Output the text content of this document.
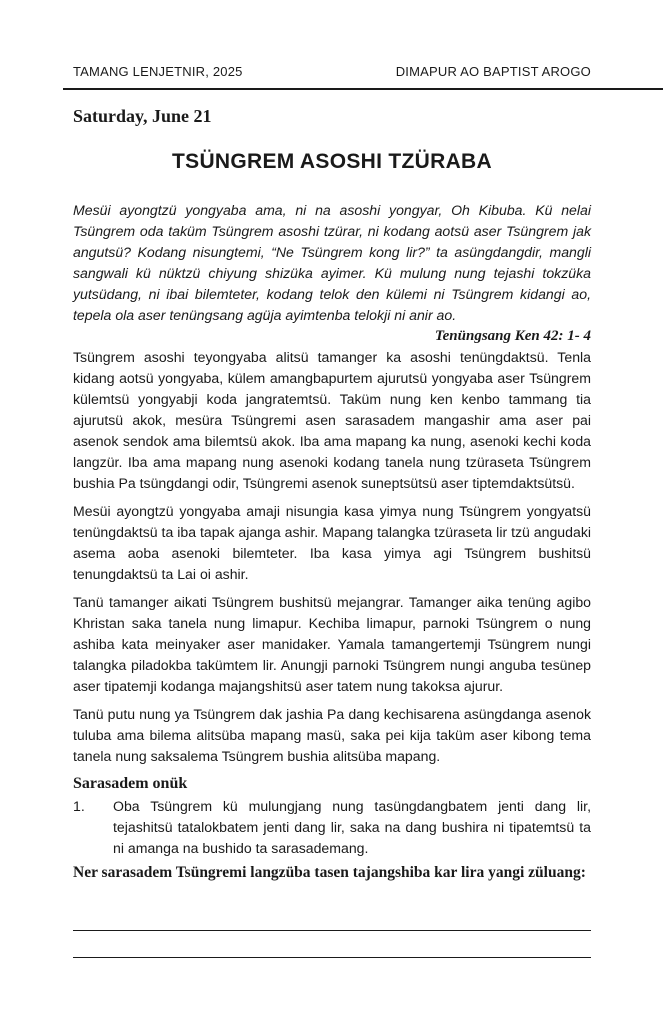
TAMANG LENJETNIR, 2025	DIMAPUR AO BAPTIST AROGO
Saturday, June 21
TSÜNGREM ASOSHI TZÜRABA

Mesüi ayongtzü yongyaba ama, ni na asoshi yongyar, Oh Kibuba. Kü nelai Tsüngrem oda taküm Tsüngrem asoshi tzürar, ni kodang aotsü aser Tsüngrem jak angutsü? Kodang nisungtemi, “Ne Tsüngrem kong lir?” ta asüngdangdir, mangli sangwali kü nüktzü chiyung shizüka ayimer. Kü mulung nung tejashi tokzüka yutsüdang, ni ibai bilemteter, kodang telok den külemi ni Tsüngrem kidangi ao, tepela ola aser tenüngsang agüja ayimtenba telokji ni anir ao.

Tenüngsang Ken 42: 1- 4

Tsüngrem asoshi teyongyaba alitsü tamanger ka asoshi tenüngdaktsü. Tenla kidang aotsü yongyaba, külem amangbapurtem ajurutsü yongyaba aser Tsüngrem külemtsü yongyabji koda jangratemtsü. Taküm nung ken kenbo tammang tia ajurutsü akok, mesüra Tsüngremi asen sarasadem mangashir ama aser pai asenok sendok ama bilemtsü akok. Iba ama mapang ka nung, asenoki kechi koda langzür. Iba ama mapang nung asenoki kodang tanela nung tzüraseta Tsüngrem bushia Pa tsüngdangi odir, Tsüngremi asenok suneptsütsü aser tiptemdaktsütsü.

Mesüi ayongtzü yongyaba amaji nisungia kasa yimya nung Tsüngrem yongyatsü tenüngdaktsü ta iba tapak ajanga ashir. Mapang talangka tzüraseta lir tzü angudaki asema aoba asenoki bilemteter. Iba kasa yimya agi Tsüngrem bushitsü tenungdaktsü ta Lai oi ashir.

Tanü tamanger aikati Tsüngrem bushitsü mejangrar. Tamanger aika tenüng agibo Khristan saka tanela nung limapur. Kechiba limapur, parnoki Tsüngrem o nung ashiba kata meinyaker aser manidaker. Yamala tamangertemji Tsüngrem nungi talangka piladokba takümtem lir. Anungji parnoki Tsüngrem nungi anguba tesünep aser tipatemji kodanga majangshitsü aser tatem nung takoksa ajurur.

Tanü putu nung ya Tsüngrem dak jashia Pa dang kechisarena asüngdanga asenok tuluba ama bilema alitsüba mapang masü, saka pei kija taküm aser kibong tema tanela nung saksalema Tsüngrem bushia alitsüba mapang.

Sarasadem onük
1.	Oba Tsüngrem kü mulungjang nung tasüngdangbatem jenti dang lir, tejashitsü tatalokbatem jenti dang lir, saka na dang bushira ni tipatemtsü ta ni amanga na bushido ta sarasademang.
Ner sarasadem Tsüngremi langzüba tasen tajangshiba kar lira yangi züluang:
